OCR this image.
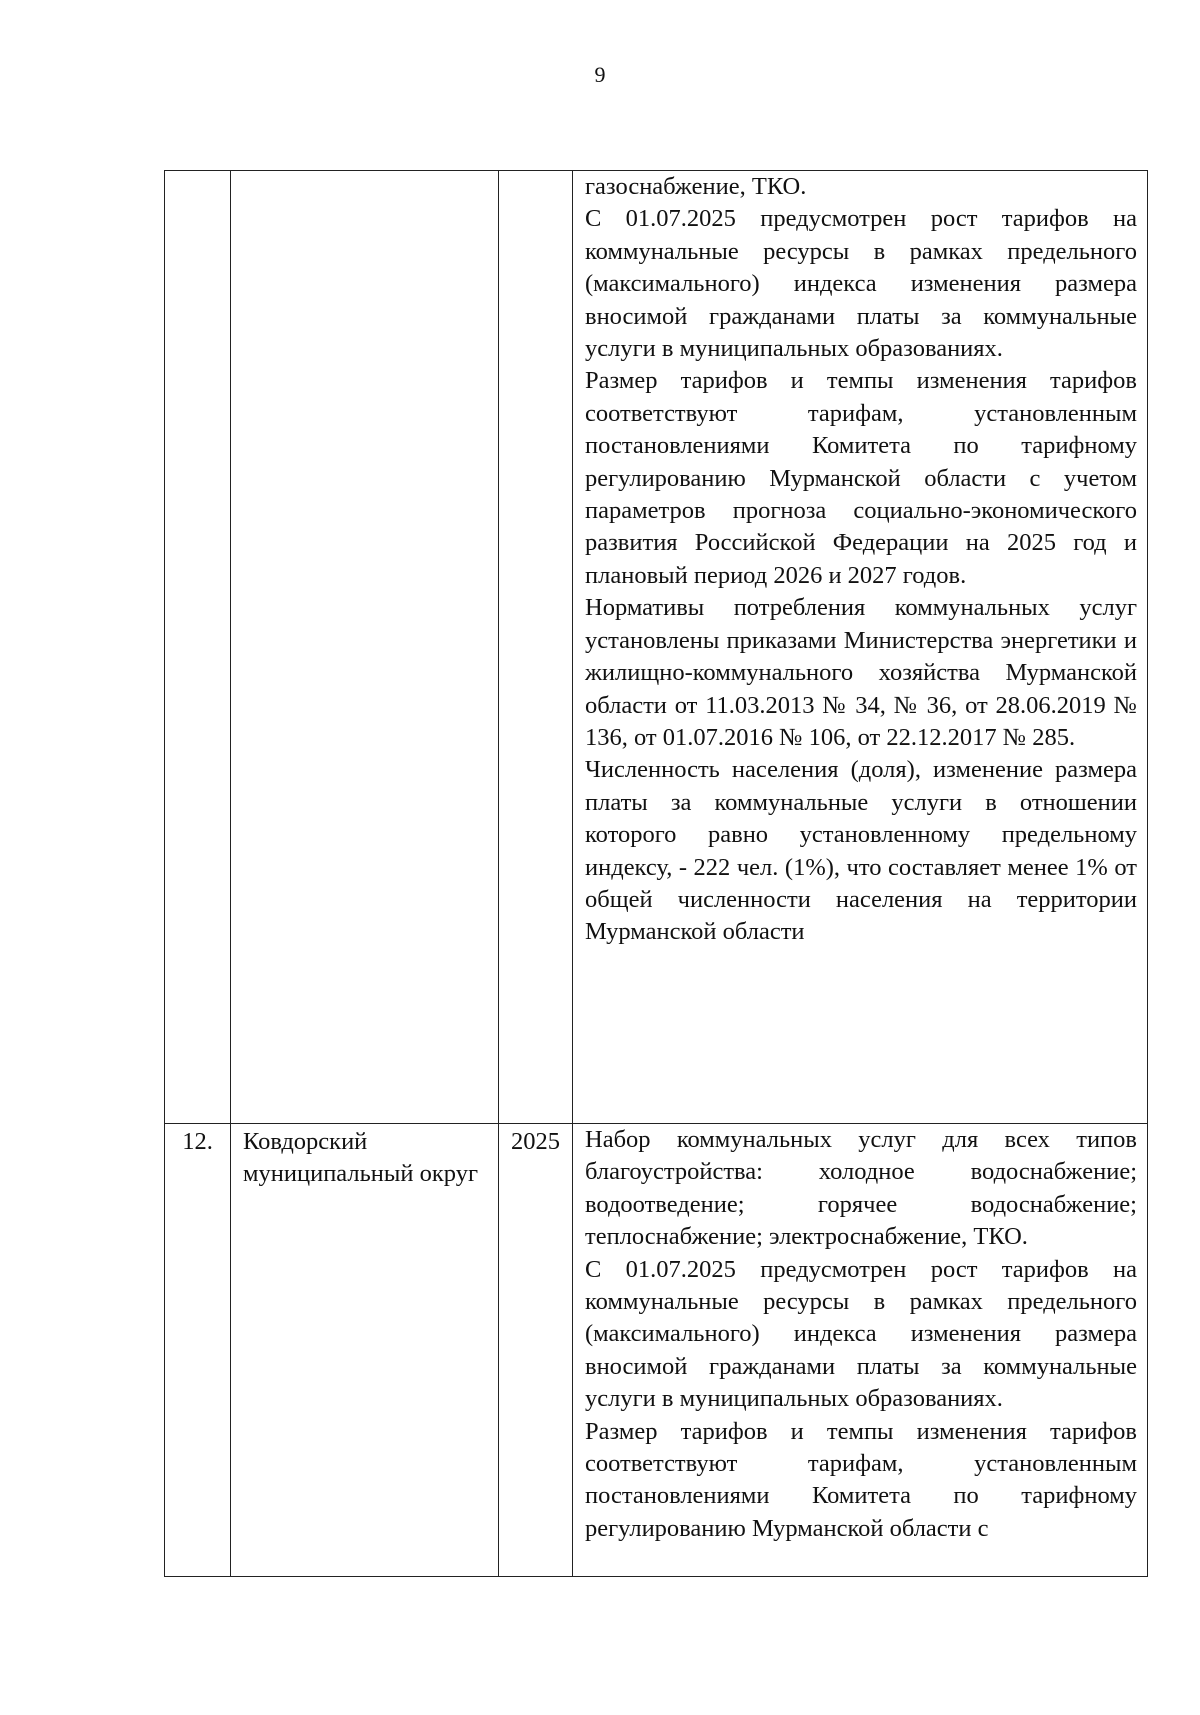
9

			газоснабжение, ТКО.

С 01.07.2025 предусмотрен рост тарифов на коммунальные ресурсы в рамках предельного (максимального) индекса изменения размера вносимой гражданами платы за коммунальные услуги в муниципальных образованиях.

Размер тарифов и темпы изменения тарифов соответствуют тарифам, установленным постановлениями Комитета по тарифному регулированию Мурманской области с учетом параметров прогноза социально-экономического развития Российской Федерации на 2025 год и плановый период 2026 и 2027 годов.

Нормативы потребления коммунальных услуг установлены приказами Министерства энергетики и жилищно-коммунального хозяйства Мурманской области от 11.03.2013 № 34, № 36, от 28.06.2019 № 136, от 01.07.2016 № 106, от 22.12.2017 № 285.

Численность населения (доля), изменение размера платы за коммунальные услуги в отношении которого равно установленному предельному индексу, - 222 чел. (1%), что составляет менее 1% от общей численности населения на территории Мурманской области

12.	Ковдорский муниципальный округ	2025	Набор коммунальных услуг для всех типов благоустройства: холодное водоснабжение; водоотведение; горячее водоснабжение; теплоснабжение; электроснабжение, ТКО.

С 01.07.2025 предусмотрен рост тарифов на коммунальные ресурсы в рамках предельного (максимального) индекса изменения размера вносимой гражданами платы за коммунальные услуги в муниципальных образованиях.

Размер тарифов и темпы изменения тарифов соответствуют тарифам, установленным постановлениями Комитета по тарифному регулированию Мурманской области с
